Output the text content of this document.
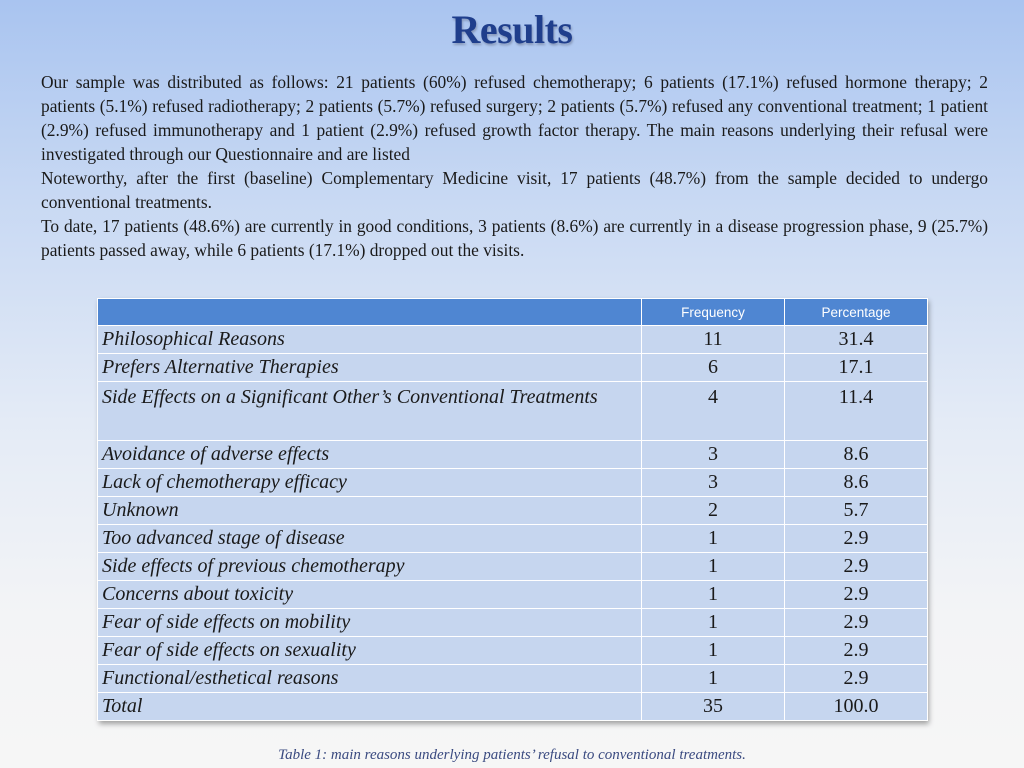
Results

Our sample was distributed as follows: 21 patients (60%) refused chemotherapy; 6 patients (17.1%) refused hormone therapy; 2 patients (5.1%) refused radiotherapy; 2 patients (5.7%) refused surgery; 2 patients (5.7%) refused any conventional treatment; 1 patient (2.9%) refused immunotherapy and 1 patient (2.9%) refused growth factor therapy. The main reasons underlying their refusal were investigated through our Questionnaire and are listed

Noteworthy, after the first (baseline) Complementary Medicine visit, 17 patients (48.7%) from the sample decided to undergo conventional treatments.

To date, 17 patients (48.6%) are currently in good conditions, 3 patients (8.6%) are currently in a disease progression phase, 9 (25.7%) patients passed away, while 6 patients (17.1%) dropped out the visits.

	Frequency	Percentage
Philosophical Reasons	11	31.4
Prefers Alternative Therapies	6	17.1
Side Effects on a Significant Other’s Conventional Treatments	4	11.4
Avoidance of adverse effects	3	8.6
Lack of chemotherapy efficacy	3	8.6
Unknown	2	5.7
Too advanced stage of disease	1	2.9
Side effects of previous chemotherapy	1	2.9
Concerns about toxicity	1	2.9
Fear of side effects on mobility	1	2.9
Fear of side effects on sexuality	1	2.9
Functional/esthetical reasons	1	2.9
Total	35	100.0
Table 1: main reasons underlying patients’ refusal to conventional treatments.
